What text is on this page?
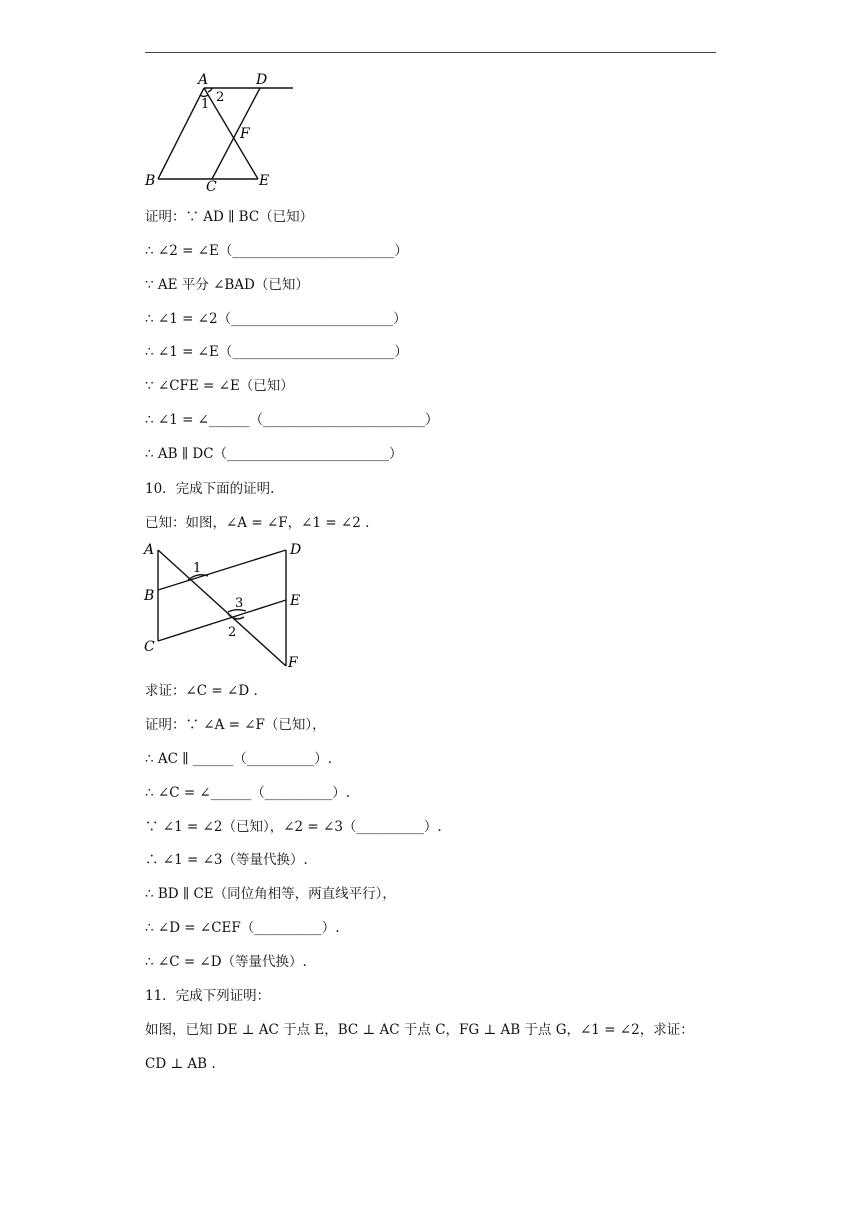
A	D
1 2
F
B	C	E
证明：∵ AD ∥ BC（已知）
∴ ∠2 = ∠E（________________________）
∵ AE 平分 ∠BAD（已知）
∴ ∠1 = ∠2（________________________）
∴ ∠1 = ∠E（________________________）
∵ ∠CFE = ∠E（已知）
∴ ∠1 = ∠______（________________________）
∴ AB ∥ DC（________________________）
10．完成下面的证明.
已知：如图，∠A = ∠F，∠1 = ∠2 .
A
B
C
D
E
F
1
3
2
求证：∠C = ∠D .
证明：∵ ∠A = ∠F（已知），
∴ AC ∥ ______（__________）.
∴ ∠C = ∠______（__________）.
∵ ∠1 = ∠2（已知），∠2 = ∠3（__________）.
∴ ∠1 = ∠3（等量代换）.
∴ BD ∥ CE（同位角相等，两直线平行），
∴ ∠D = ∠CEF（__________）.
∴ ∠C = ∠D（等量代换）.
11．完成下列证明：
如图，已知 DE ⊥ AC 于点 E，BC ⊥ AC 于点 C，FG ⊥ AB 于点 G，∠1 = ∠2，求证：
CD ⊥ AB .
